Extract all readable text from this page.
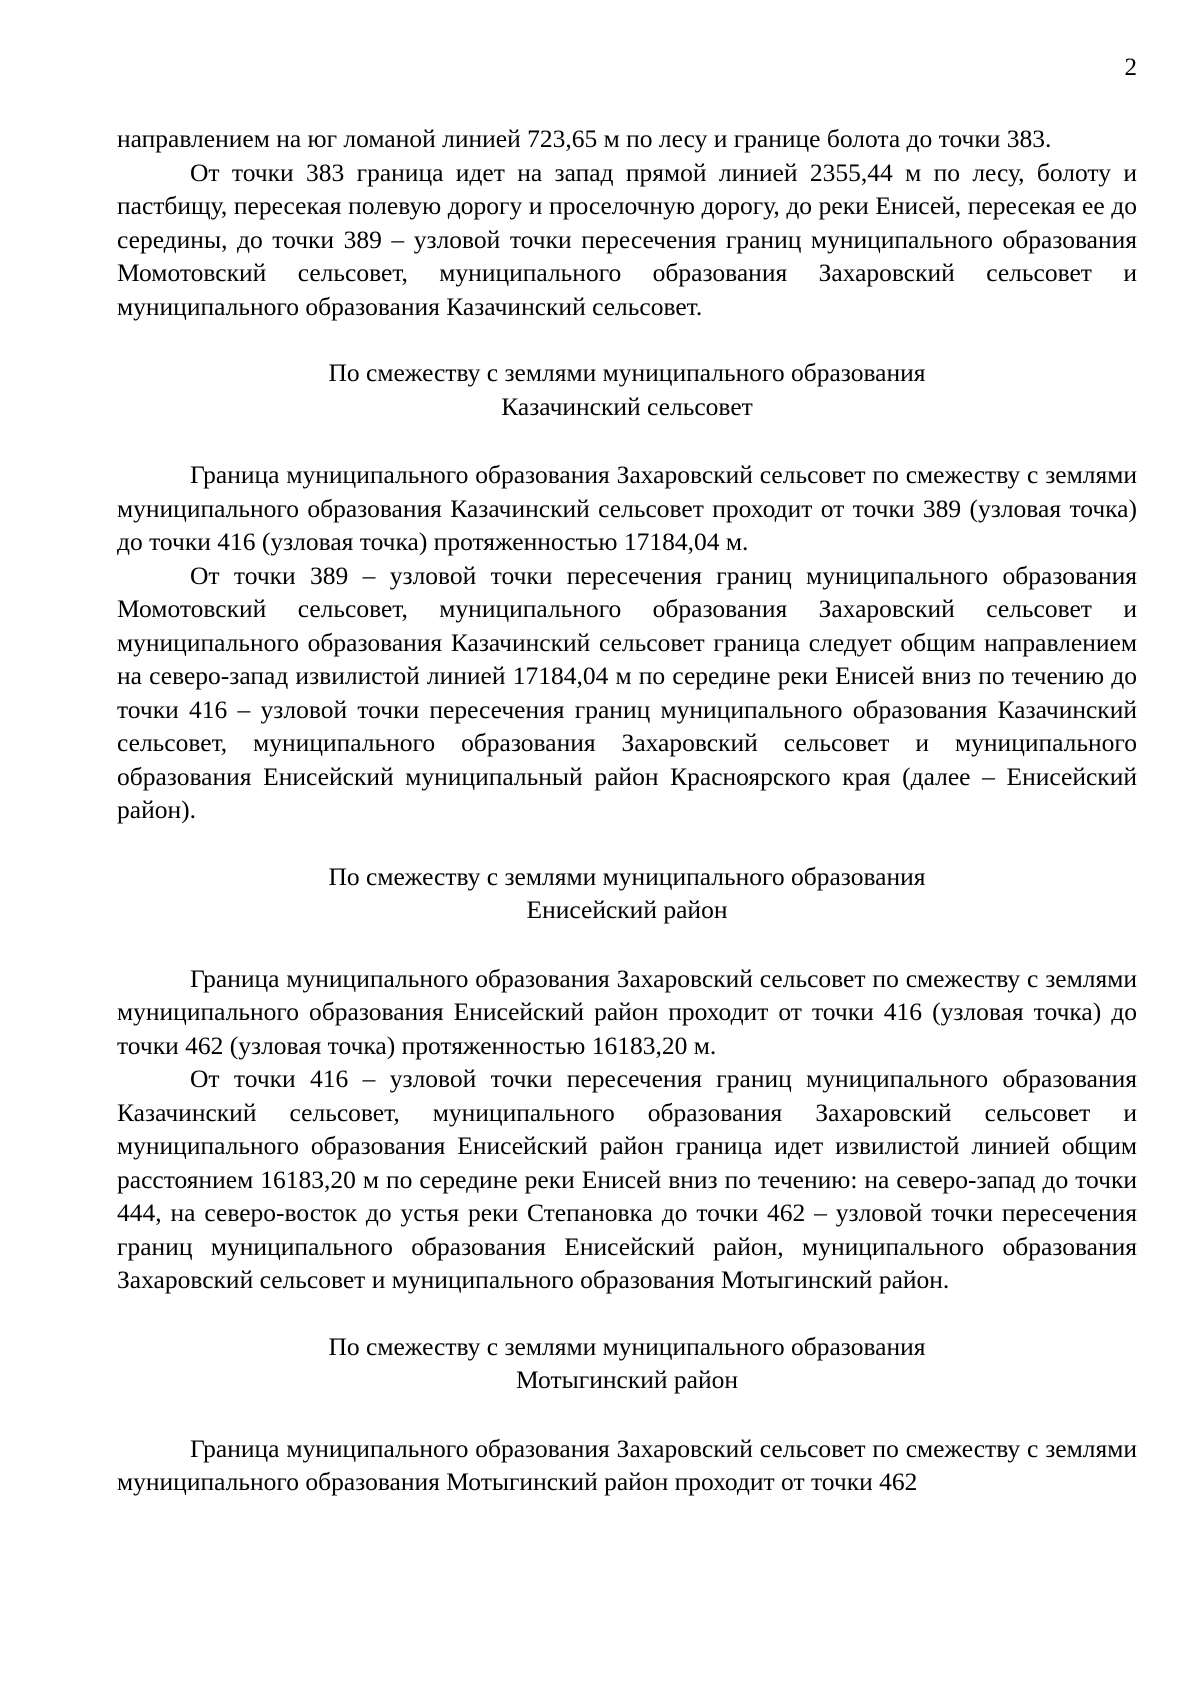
2

направлением на юг ломаной линией 723,65 м по лесу и границе болота до точки 383.

От точки 383 граница идет на запад прямой линией 2355,44 м по лесу, болоту и пастбищу, пересекая полевую дорогу и проселочную дорогу, до реки Енисей, пересекая ее до середины, до точки 389 – узловой точки пересечения границ муниципального образования Момотовский сельсовет, муниципального образования Захаровский сельсовет и муниципального образования Казачинский сельсовет.

По смежеству с землями муниципального образования

Казачинский сельсовет

Граница муниципального образования Захаровский сельсовет по смежеству с землями муниципального образования Казачинский сельсовет проходит от точки 389 (узловая точка) до точки 416 (узловая точка) протяженностью 17184,04 м.

От точки 389 – узловой точки пересечения границ муниципального образования Момотовский сельсовет, муниципального образования Захаровский сельсовет и муниципального образования Казачинский сельсовет граница следует общим направлением на северо-запад извилистой линией 17184,04 м по середине реки Енисей вниз по течению до точки 416 – узловой точки пересечения границ муниципального образования Казачинский сельсовет, муниципального образования Захаровский сельсовет и муниципального образования Енисейский муниципальный район Красноярского края (далее – Енисейский район).

По смежеству с землями муниципального образования

Енисейский район

Граница муниципального образования Захаровский сельсовет по смежеству с землями муниципального образования Енисейский район проходит от точки 416 (узловая точка) до точки 462 (узловая точка) протяженностью 16183,20 м.

От точки 416 – узловой точки пересечения границ муниципального образования Казачинский сельсовет, муниципального образования Захаровский сельсовет и муниципального образования Енисейский район граница идет извилистой линией общим расстоянием 16183,20 м по середине реки Енисей вниз по течению: на северо-запад до точки 444, на северо-восток до устья реки Степановка до точки 462 – узловой точки пересечения границ муниципального образования Енисейский район, муниципального образования Захаровский сельсовет и муниципального образования Мотыгинский район.

По смежеству с землями муниципального образования

Мотыгинский район

Граница муниципального образования Захаровский сельсовет по смежеству с землями муниципального образования Мотыгинский район проходит от точки 462
